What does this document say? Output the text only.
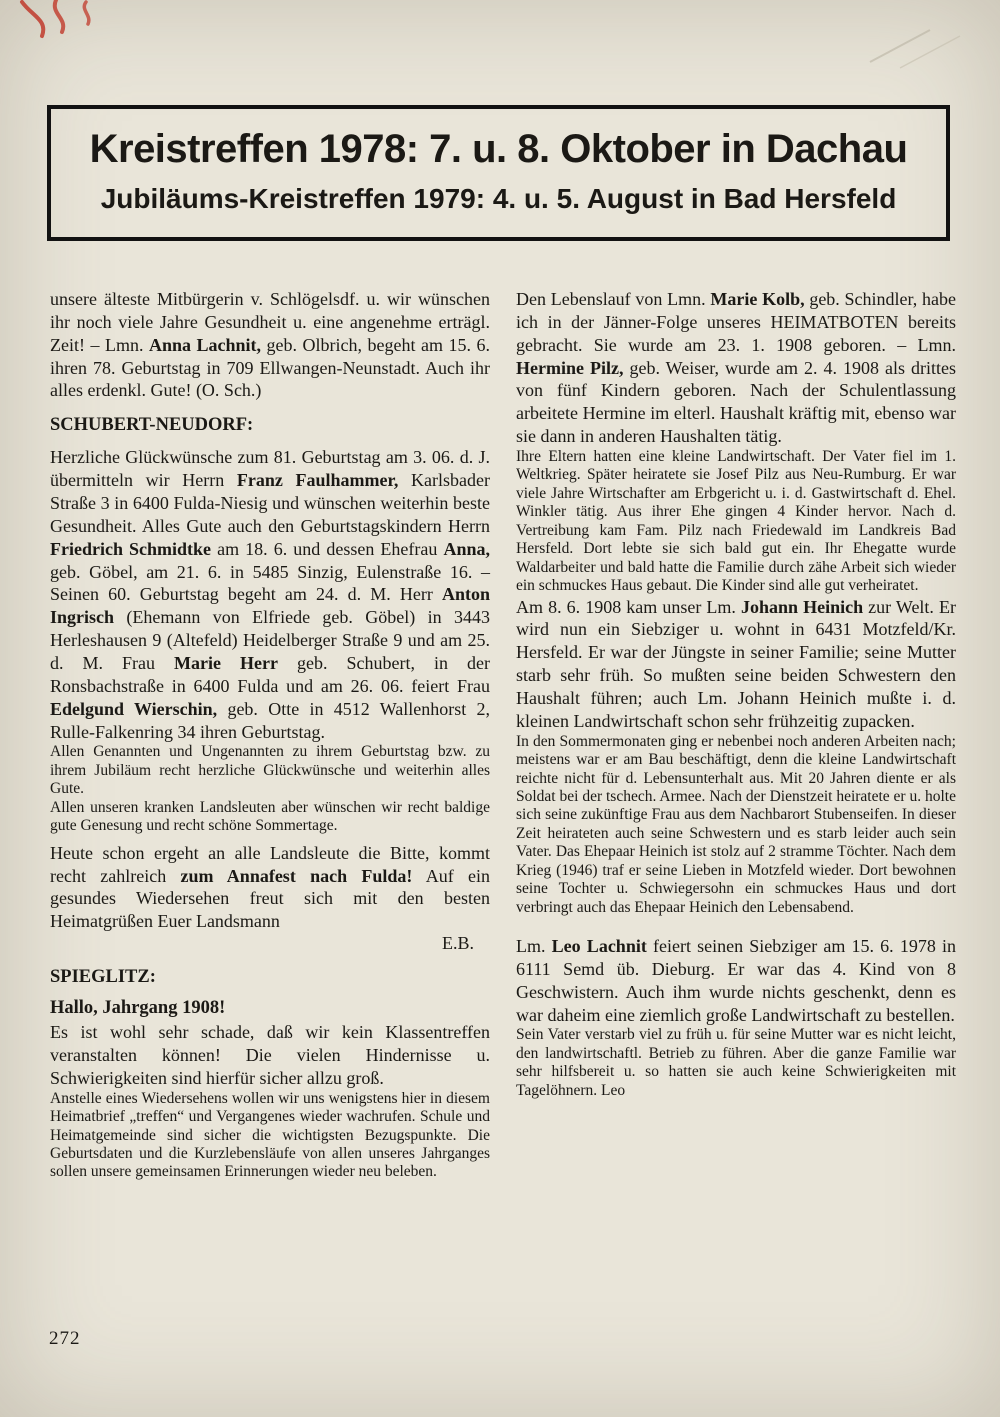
Kreistreffen 1978: 7. u. 8. Oktober in Dachau
Jubiläums-Kreistreffen 1979: 4. u. 5. August in Bad Hersfeld
unsere älteste Mitbürgerin v. Schlögelsdf. u. wir wünschen ihr noch viele Jahre Gesundheit u. eine angenehme erträgl. Zeit! – Lmn. Anna Lachnit, geb. Olbrich, begeht am 15. 6. ihren 78. Geburtstag in 709 Ellwangen-Neunstadt. Auch ihr alles erdenkl. Gute! (O. Sch.)
SCHUBERT-NEUDORF:
Herzliche Glückwünsche zum 81. Geburtstag am 3. 06. d. J. übermitteln wir Herrn Franz Faulhammer, Karlsbader Straße 3 in 6400 Fulda-Niesig und wünschen weiterhin beste Gesundheit. Alles Gute auch den Geburtstagskindern Herrn Friedrich Schmidtke am 18. 6. und dessen Ehefrau Anna, geb. Göbel, am 21. 6. in 5485 Sinzig, Eulenstraße 16. – Seinen 60. Geburtstag begeht am 24. d. M. Herr Anton Ingrisch (Ehemann von Elfriede geb. Göbel) in 3443 Herleshausen 9 (Altefeld) Heidelberger Straße 9 und am 25. d. M. Frau Marie Herr geb. Schubert, in der Ronsbachstraße in 6400 Fulda und am 26. 06. feiert Frau Edelgund Wierschin, geb. Otte in 4512 Wallenhorst 2, Rulle-Falkenring 34 ihren Geburtstag.
Allen Genannten und Ungenannten zu ihrem Geburtstag bzw. zu ihrem Jubiläum recht herzliche Glückwünsche und weiterhin alles Gute.
Allen unseren kranken Landsleuten aber wünschen wir recht baldige gute Genesung und recht schöne Sommertage.
Heute schon ergeht an alle Landsleute die Bitte, kommt recht zahlreich zum Annafest nach Fulda! Auf ein gesundes Wiedersehen freut sich mit den besten Heimatgrüßen Euer Landsmann
E.B.
SPIEGLITZ:
Hallo, Jahrgang 1908!
Es ist wohl sehr schade, daß wir kein Klassentreffen veranstalten können! Die vielen Hindernisse u. Schwierigkeiten sind hierfür sicher allzu groß.
Anstelle eines Wiedersehens wollen wir uns wenigstens hier in diesem Heimatbrief „treffen“ und Vergangenes wieder wachrufen. Schule und Heimatgemeinde sind sicher die wichtigsten Bezugspunkte. Die Geburtsdaten und die Kurzlebensläufe von allen unseres Jahrganges sollen unsere gemeinsamen Erinnerungen wieder neu beleben.
Den Lebenslauf von Lmn. Marie Kolb, geb. Schindler, habe ich in der Jänner-Folge unseres HEIMATBOTEN bereits gebracht. Sie wurde am 23. 1. 1908 geboren. – Lmn. Hermine Pilz, geb. Weiser, wurde am 2. 4. 1908 als drittes von fünf Kindern geboren. Nach der Schulentlassung arbeitete Hermine im elterl. Haushalt kräftig mit, ebenso war sie dann in anderen Haushalten tätig.
Ihre Eltern hatten eine kleine Landwirtschaft. Der Vater fiel im 1. Weltkrieg. Später heiratete sie Josef Pilz aus Neu-Rumburg. Er war viele Jahre Wirtschafter am Erbgericht u. i. d. Gastwirtschaft d. Ehel. Winkler tätig. Aus ihrer Ehe gingen 4 Kinder hervor. Nach d. Vertreibung kam Fam. Pilz nach Friedewald im Landkreis Bad Hersfeld. Dort lebte sie sich bald gut ein. Ihr Ehegatte wurde Waldarbeiter und bald hatte die Familie durch zähe Arbeit sich wieder ein schmuckes Haus gebaut. Die Kinder sind alle gut verheiratet.
Am 8. 6. 1908 kam unser Lm. Johann Heinich zur Welt. Er wird nun ein Siebziger u. wohnt in 6431 Motzfeld/Kr. Hersfeld. Er war der Jüngste in seiner Familie; seine Mutter starb sehr früh. So mußten seine beiden Schwestern den Haushalt führen; auch Lm. Johann Heinich mußte i. d. kleinen Landwirtschaft schon sehr frühzeitig zupacken.
In den Sommermonaten ging er nebenbei noch anderen Arbeiten nach; meistens war er am Bau beschäftigt, denn die kleine Landwirtschaft reichte nicht für d. Lebensunterhalt aus. Mit 20 Jahren diente er als Soldat bei der tschech. Armee. Nach der Dienstzeit heiratete er u. holte sich seine zukünftige Frau aus dem Nachbarort Stubenseifen. In dieser Zeit heirateten auch seine Schwestern und es starb leider auch sein Vater. Das Ehepaar Heinich ist stolz auf 2 stramme Töchter. Nach dem Krieg (1946) traf er seine Lieben in Motzfeld wieder. Dort bewohnen seine Tochter u. Schwiegersohn ein schmuckes Haus und dort verbringt auch das Ehepaar Heinich den Lebensabend.
Lm. Leo Lachnit feiert seinen Siebziger am 15. 6. 1978 in 6111 Semd üb. Dieburg. Er war das 4. Kind von 8 Geschwistern. Auch ihm wurde nichts geschenkt, denn es war daheim eine ziemlich große Landwirtschaft zu bestellen.
Sein Vater verstarb viel zu früh u. für seine Mutter war es nicht leicht, den landwirtschaftl. Betrieb zu führen. Aber die ganze Familie war sehr hilfsbereit u. so hatten sie auch keine Schwierigkeiten mit Tagelöhnern. Leo
272
